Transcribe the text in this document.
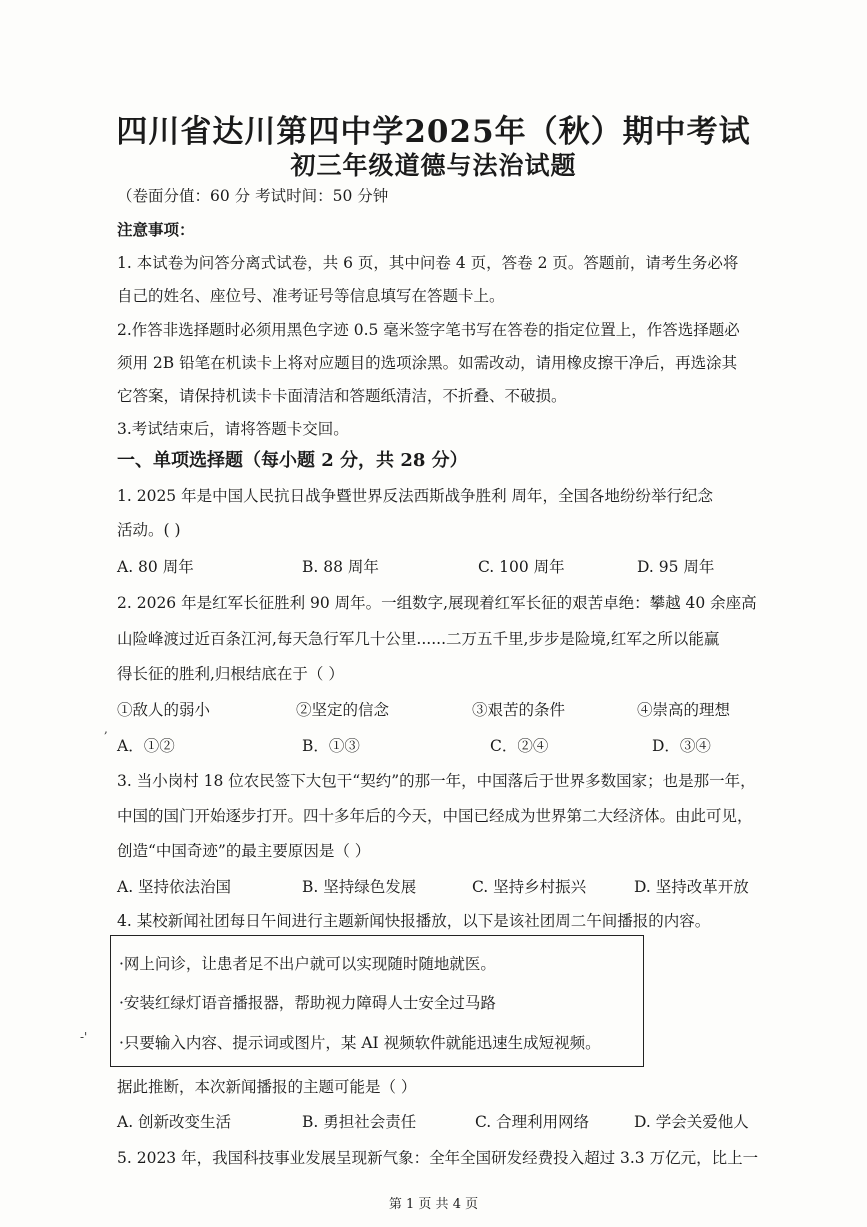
四川省达川第四中学2025年（秋）期中考试
初三年级道德与法治试题
（卷面分值：60 分 考试时间：50 分钟
注意事项：
1. 本试卷为问答分离式试卷，共 6 页，其中问卷 4 页，答卷 2 页。答题前，请考生务必将
自己的姓名、座位号、准考证号等信息填写在答题卡上。
2.作答非选择题时必须用黑色字迹 0.5 毫米签字笔书写在答卷的指定位置上，作答选择题必
须用 2B 铅笔在机读卡上将对应题目的选项涂黑。如需改动，请用橡皮擦干净后，再选涂其
它答案，请保持机读卡卡面清洁和答题纸清洁，不折叠、不破损。
3.考试结束后，请将答题卡交回。
一、单项选择题（每小题 2 分，共 28 分）
1. 2025 年是中国人民抗日战争暨世界反法西斯战争胜利 周年，全国各地纷纷举行纪念
活动。( )
A. 80 周年	B. 88 周年	C. 100 周年	D. 95 周年
2. 2026 年是红军长征胜利 90 周年。一组数字,展现着红军长征的艰苦卓绝：攀越 40 余座高
山险峰渡过近百条江河,每天急行军几十公里......二万五千里,步步是险境,红军之所以能赢
得长征的胜利,归根结底在于（ ）
①敌人的弱小	②坚定的信念	③艰苦的条件	④崇高的理想
A．①②	B．①③	C．②④	D．③④
3. 当小岗村 18 位农民签下大包干“契约”的那一年，中国落后于世界多数国家；也是那一年，
中国的国门开始逐步打开。四十多年后的今天，中国已经成为世界第二大经济体。由此可见，
创造“中国奇迹”的最主要原因是（ ）
A. 坚持依法治国	B. 坚持绿色发展	C. 坚持乡村振兴	D. 坚持改革开放
4. 某校新闻社团每日午间进行主题新闻快报播放，以下是该社团周二午间播报的内容。
·网上问诊，让患者足不出户就可以实现随时随地就医。
·安装红绿灯语音播报器，帮助视力障碍人士安全过马路
·只要输入内容、提示词或图片，某 AI 视频软件就能迅速生成短视频。
据此推断，本次新闻播报的主题可能是（ ）
A. 创新改变生活	B. 勇担社会责任	C. 合理利用网络	D. 学会关爱他人
5. 2023 年，我国科技事业发展呈现新气象：全年全国研发经费投入超过 3.3 万亿元，比上一
,
-'
第 1 页 共 4 页
